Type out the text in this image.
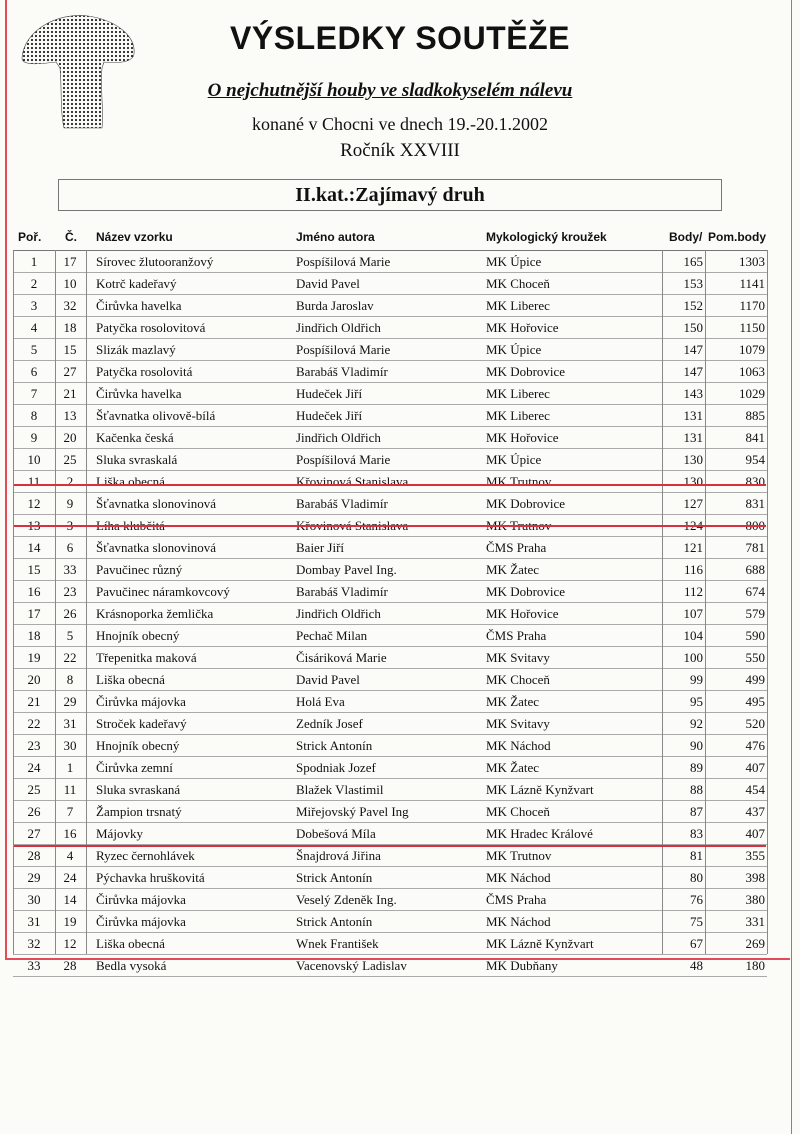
VÝSLEDKY SOUTĚŽE
O nejchutnější houby ve sladkokyselém nálevu
konané v Chocni ve dnech 19.-20.1.2002
Ročník XXVIII
II.kat.:Zajímavý druh
Poř. Č. Název vzorku	Jméno autora	Mykologický kroužek	Body/ Pom.body
1	17	Sírovec žlutooranžový	Pospíšilová Marie	MK Úpice	165	1303
2	10	Kotrč kadeřavý	David Pavel	MK Choceň	153	1141
3	32	Čirůvka havelka	Burda Jaroslav	MK Liberec	152	1170
4	18	Patyčka rosolovitová	Jindřich Oldřich	MK Hořovice	150	1150
5	15	Slizák mazlavý	Pospíšilová Marie	MK Úpice	147	1079
6	27	Patyčka rosolovitá	Barabáš Vladimír	MK Dobrovice	147	1063
7	21	Čirůvka havelka	Hudeček Jiří	MK Liberec	143	1029
8	13	Šťavnatka olivově-bílá	Hudeček Jiří	MK Liberec	131	885
9	20	Kačenka česká	Jindřich Oldřich	MK Hořovice	131	841
10	25	Sluka svraskalá	Pospíšilová Marie	MK Úpice	130	954
11	2	Liška obecná	Křovinová Stanislava	MK Trutnov	130	830
12	9	Šťavnatka slonovinová	Barabáš Vladimír	MK Dobrovice	127	831
13	3	Líha klubčitá	Křovinová Stanislava	MK Trutnov	124	800
14	6	Šťavnatka slonovinová	Baier Jiří	ČMS Praha	121	781
15	33	Pavučinec různý	Dombay Pavel Ing.	MK Žatec	116	688
16	23	Pavučinec náramkovcový	Barabáš Vladimír	MK Dobrovice	112	674
17	26	Krásnoporka žemlička	Jindřich Oldřich	MK Hořovice	107	579
18	5	Hnojník obecný	Pechač Milan	ČMS Praha	104	590
19	22	Třepenitka maková	Čisáriková Marie	MK Svitavy	100	550
20	8	Liška obecná	David Pavel	MK Choceň	99	499
21	29	Čirůvka májovka	Holá Eva	MK Žatec	95	495
22	31	Stroček kadeřavý	Zedník Josef	MK Svitavy	92	520
23	30	Hnojník obecný	Strick Antonín	MK Náchod	90	476
24	1	Čirůvka zemní	Spodniak Jozef	MK Žatec	89	407
25	11	Sluka svraskaná	Blažek Vlastimil	MK Lázně Kynžvart	88	454
26	7	Žampion trsnatý	Miřejovský Pavel Ing	MK Choceň	87	437
27	16	Májovky	Dobešová Míla	MK Hradec Králové	83	407
28	4	Ryzec černohlávek	Šnajdrová Jiřina	MK Trutnov	81	355
29	24	Pýchavka hruškovitá	Strick Antonín	MK Náchod	80	398
30	14	Čirůvka májovka	Veselý Zdeněk Ing.	ČMS Praha	76	380
31	19	Čirůvka májovka	Strick Antonín	MK Náchod	75	331
32	12	Liška obecná	Wnek František	MK Lázně Kynžvart	67	269
33	28	Bedla vysoká	Vacenovský Ladislav	MK Dubňany	48	180
